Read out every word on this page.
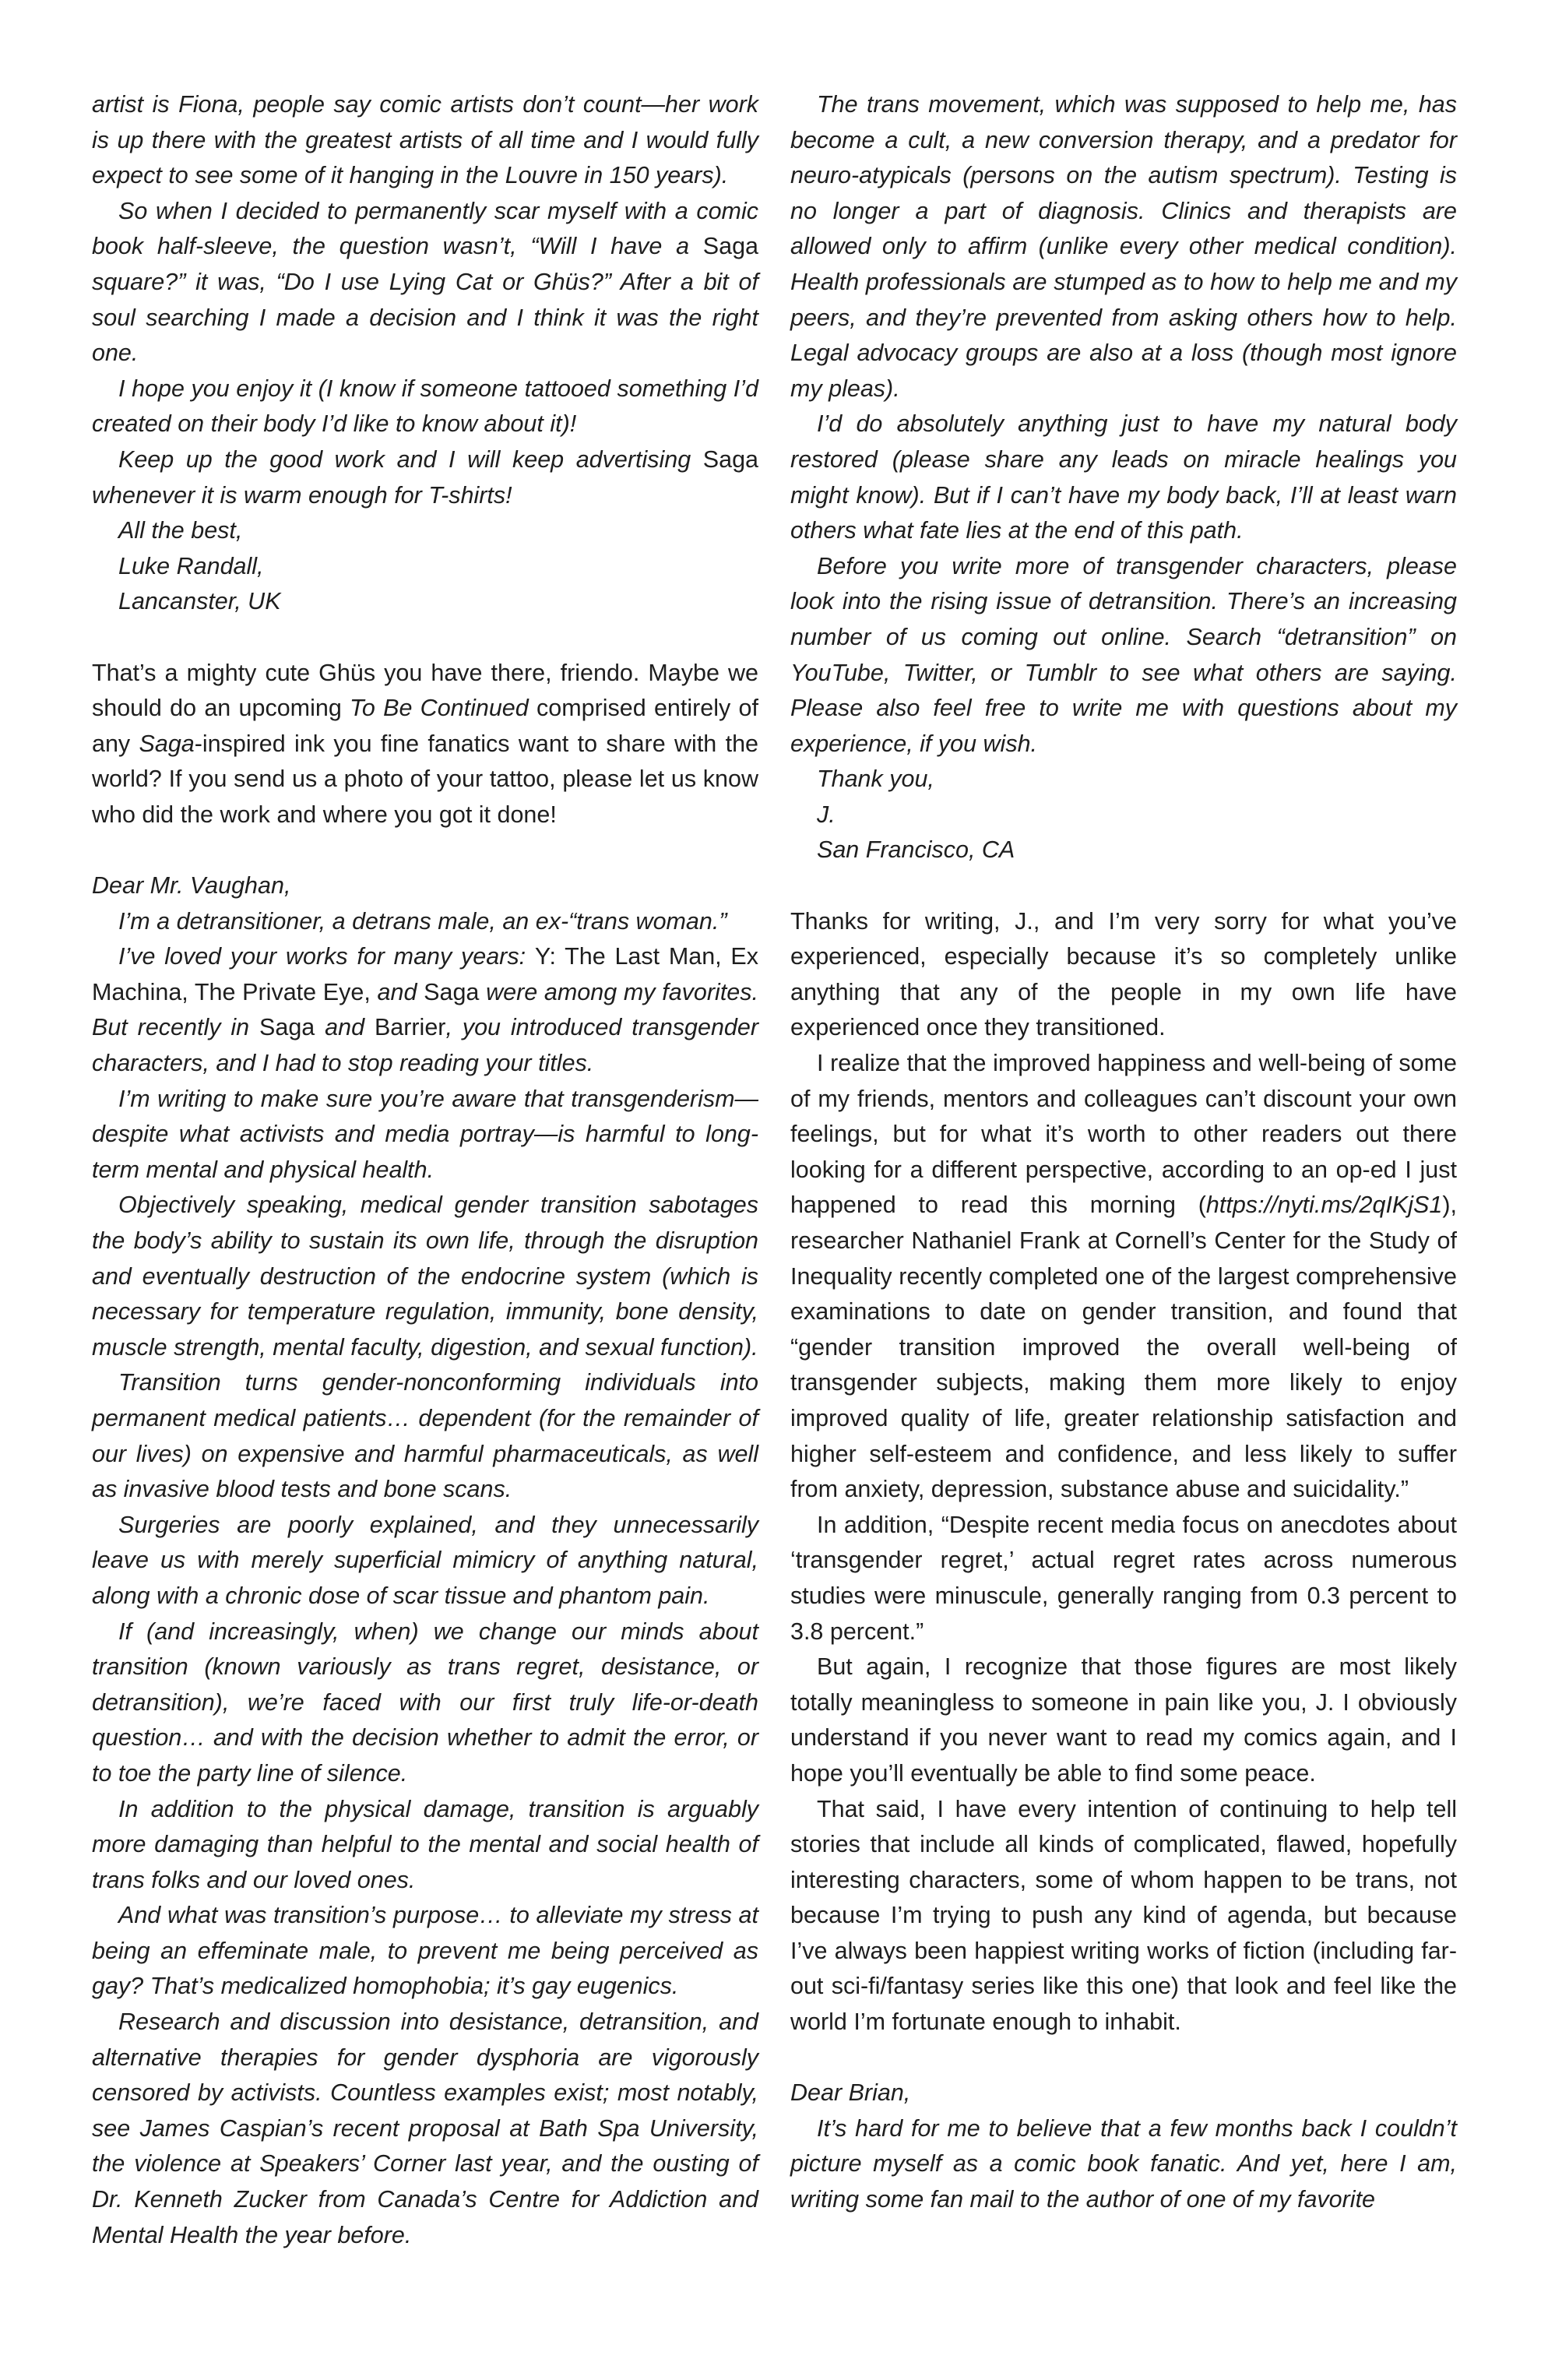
artist is Fiona, people say comic artists don’t count—her work is up there with the greatest artists of all time and I would fully expect to see some of it hanging in the Louvre in 150 years).

So when I decided to permanently scar myself with a comic book half-sleeve, the question wasn’t, “Will I have a Saga square?” it was, “Do I use Lying Cat or Ghüs?” After a bit of soul searching I made a decision and I think it was the right one.

I hope you enjoy it (I know if someone tattooed something I’d created on their body I’d like to know about it)!

Keep up the good work and I will keep advertising Saga whenever it is warm enough for T-shirts!

All the best,

Luke Randall,

Lancanster, UK

That’s a mighty cute Ghüs you have there, friendo. Maybe we should do an upcoming To Be Continued comprised entirely of any Saga-inspired ink you fine fanatics want to share with the world? If you send us a photo of your tattoo, please let us know who did the work and where you got it done!

Dear Mr. Vaughan,

I’m a detransitioner, a detrans male, an ex-“trans woman.”

I’ve loved your works for many years: Y: The Last Man, Ex Machina, The Private Eye, and Saga were among my favorites. But recently in Saga and Barrier, you introduced transgender characters, and I had to stop reading your titles.

I’m writing to make sure you’re aware that transgenderism—despite what activists and media portray—is harmful to long-term mental and physical health.

Objectively speaking, medical gender transition sabotages the body’s ability to sustain its own life, through the disruption and eventually destruction of the endocrine system (which is necessary for temperature regulation, immunity, bone density, muscle strength, mental faculty, digestion, and sexual function).

Transition turns gender-nonconforming individuals into permanent medical patients… dependent (for the remainder of our lives) on expensive and harmful pharmaceuticals, as well as invasive blood tests and bone scans.

Surgeries are poorly explained, and they unnecessarily leave us with merely superficial mimicry of anything natural, along with a chronic dose of scar tissue and phantom pain.

If (and increasingly, when) we change our minds about transition (known variously as trans regret, desistance, or detransition), we’re faced with our first truly life-or-death question… and with the decision whether to admit the error, or to toe the party line of silence.

In addition to the physical damage, transition is arguably more damaging than helpful to the mental and social health of trans folks and our loved ones.

And what was transition’s purpose… to alleviate my stress at being an effeminate male, to prevent me being perceived as gay? That’s medicalized homophobia; it’s gay eugenics.

Research and discussion into desistance, detransition, and alternative therapies for gender dysphoria are vigorously censored by activists. Countless examples exist; most notably, see James Caspian’s recent proposal at Bath Spa University, the violence at Speakers’ Corner last year, and the ousting of Dr. Kenneth Zucker from Canada’s Centre for Addiction and Mental Health the year before.

The trans movement, which was supposed to help me, has become a cult, a new conversion therapy, and a predator for neuro-atypicals (persons on the autism spectrum). Testing is no longer a part of diagnosis. Clinics and therapists are allowed only to affirm (unlike every other medical condition). Health professionals are stumped as to how to help me and my peers, and they’re prevented from asking others how to help. Legal advocacy groups are also at a loss (though most ignore my pleas).

I’d do absolutely anything just to have my natural body restored (please share any leads on miracle healings you might know). But if I can’t have my body back, I’ll at least warn others what fate lies at the end of this path.

Before you write more of transgender characters, please look into the rising issue of detransition. There’s an increasing number of us coming out online. Search “detransition” on YouTube, Twitter, or Tumblr to see what others are saying. Please also feel free to write me with questions about my experience, if you wish.

Thank you,

J.

San Francisco, CA

Thanks for writing, J., and I’m very sorry for what you’ve experienced, especially because it’s so completely unlike anything that any of the people in my own life have experienced once they transitioned.

I realize that the improved happiness and well-being of some of my friends, mentors and colleagues can’t discount your own feelings, but for what it’s worth to other readers out there looking for a different perspective, according to an op-ed I just happened to read this morning (https://nyti.ms/2qIKjS1), researcher Nathaniel Frank at Cornell’s Center for the Study of Inequality recently completed one of the largest comprehensive examinations to date on gender transition, and found that “gender transition improved the overall well-being of transgender subjects, making them more likely to enjoy improved quality of life, greater relationship satisfaction and higher self-esteem and confidence, and less likely to suffer from anxiety, depression, substance abuse and suicidality.”

In addition, “Despite recent media focus on anecdotes about ‘transgender regret,’ actual regret rates across numerous studies were minuscule, generally ranging from 0.3 percent to 3.8 percent.”

But again, I recognize that those figures are most likely totally meaningless to someone in pain like you, J. I obviously understand if you never want to read my comics again, and I hope you’ll eventually be able to find some peace.

That said, I have every intention of continuing to help tell stories that include all kinds of complicated, flawed, hopefully interesting characters, some of whom happen to be trans, not because I’m trying to push any kind of agenda, but because I’ve always been happiest writing works of fiction (including far-out sci-fi/fantasy series like this one) that look and feel like the world I’m fortunate enough to inhabit.

Dear Brian,

It’s hard for me to believe that a few months back I couldn’t picture myself as a comic book fanatic. And yet, here I am, writing some fan mail to the author of one of my favorite
